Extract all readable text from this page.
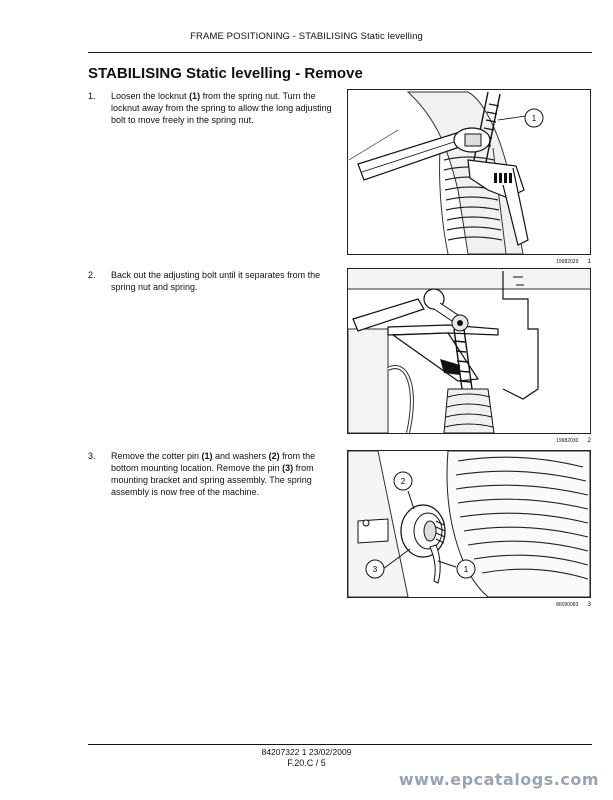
FRAME POSITIONING - STABILISING Static levelling
STABILISING Static levelling - Remove
1. Loosen the locknut (1) from the spring nut. Turn the locknut away from the spring to allow the long adjusting bolt to move freely in the spring nut.	1
19982029 1
2. Back out the adjusting bolt until it separates from the spring nut and spring.
19982030 2
3. Remove the cotter pin (1) and washers (2) from the bottom mounting location. Remove the pin (3) from mounting bracket and spring assembly. The spring assembly is now free of the machine.
2
3	1
86090083 3
84207322 1 23/02/2009
F.20.C / 5
www.epcatalogs.com
